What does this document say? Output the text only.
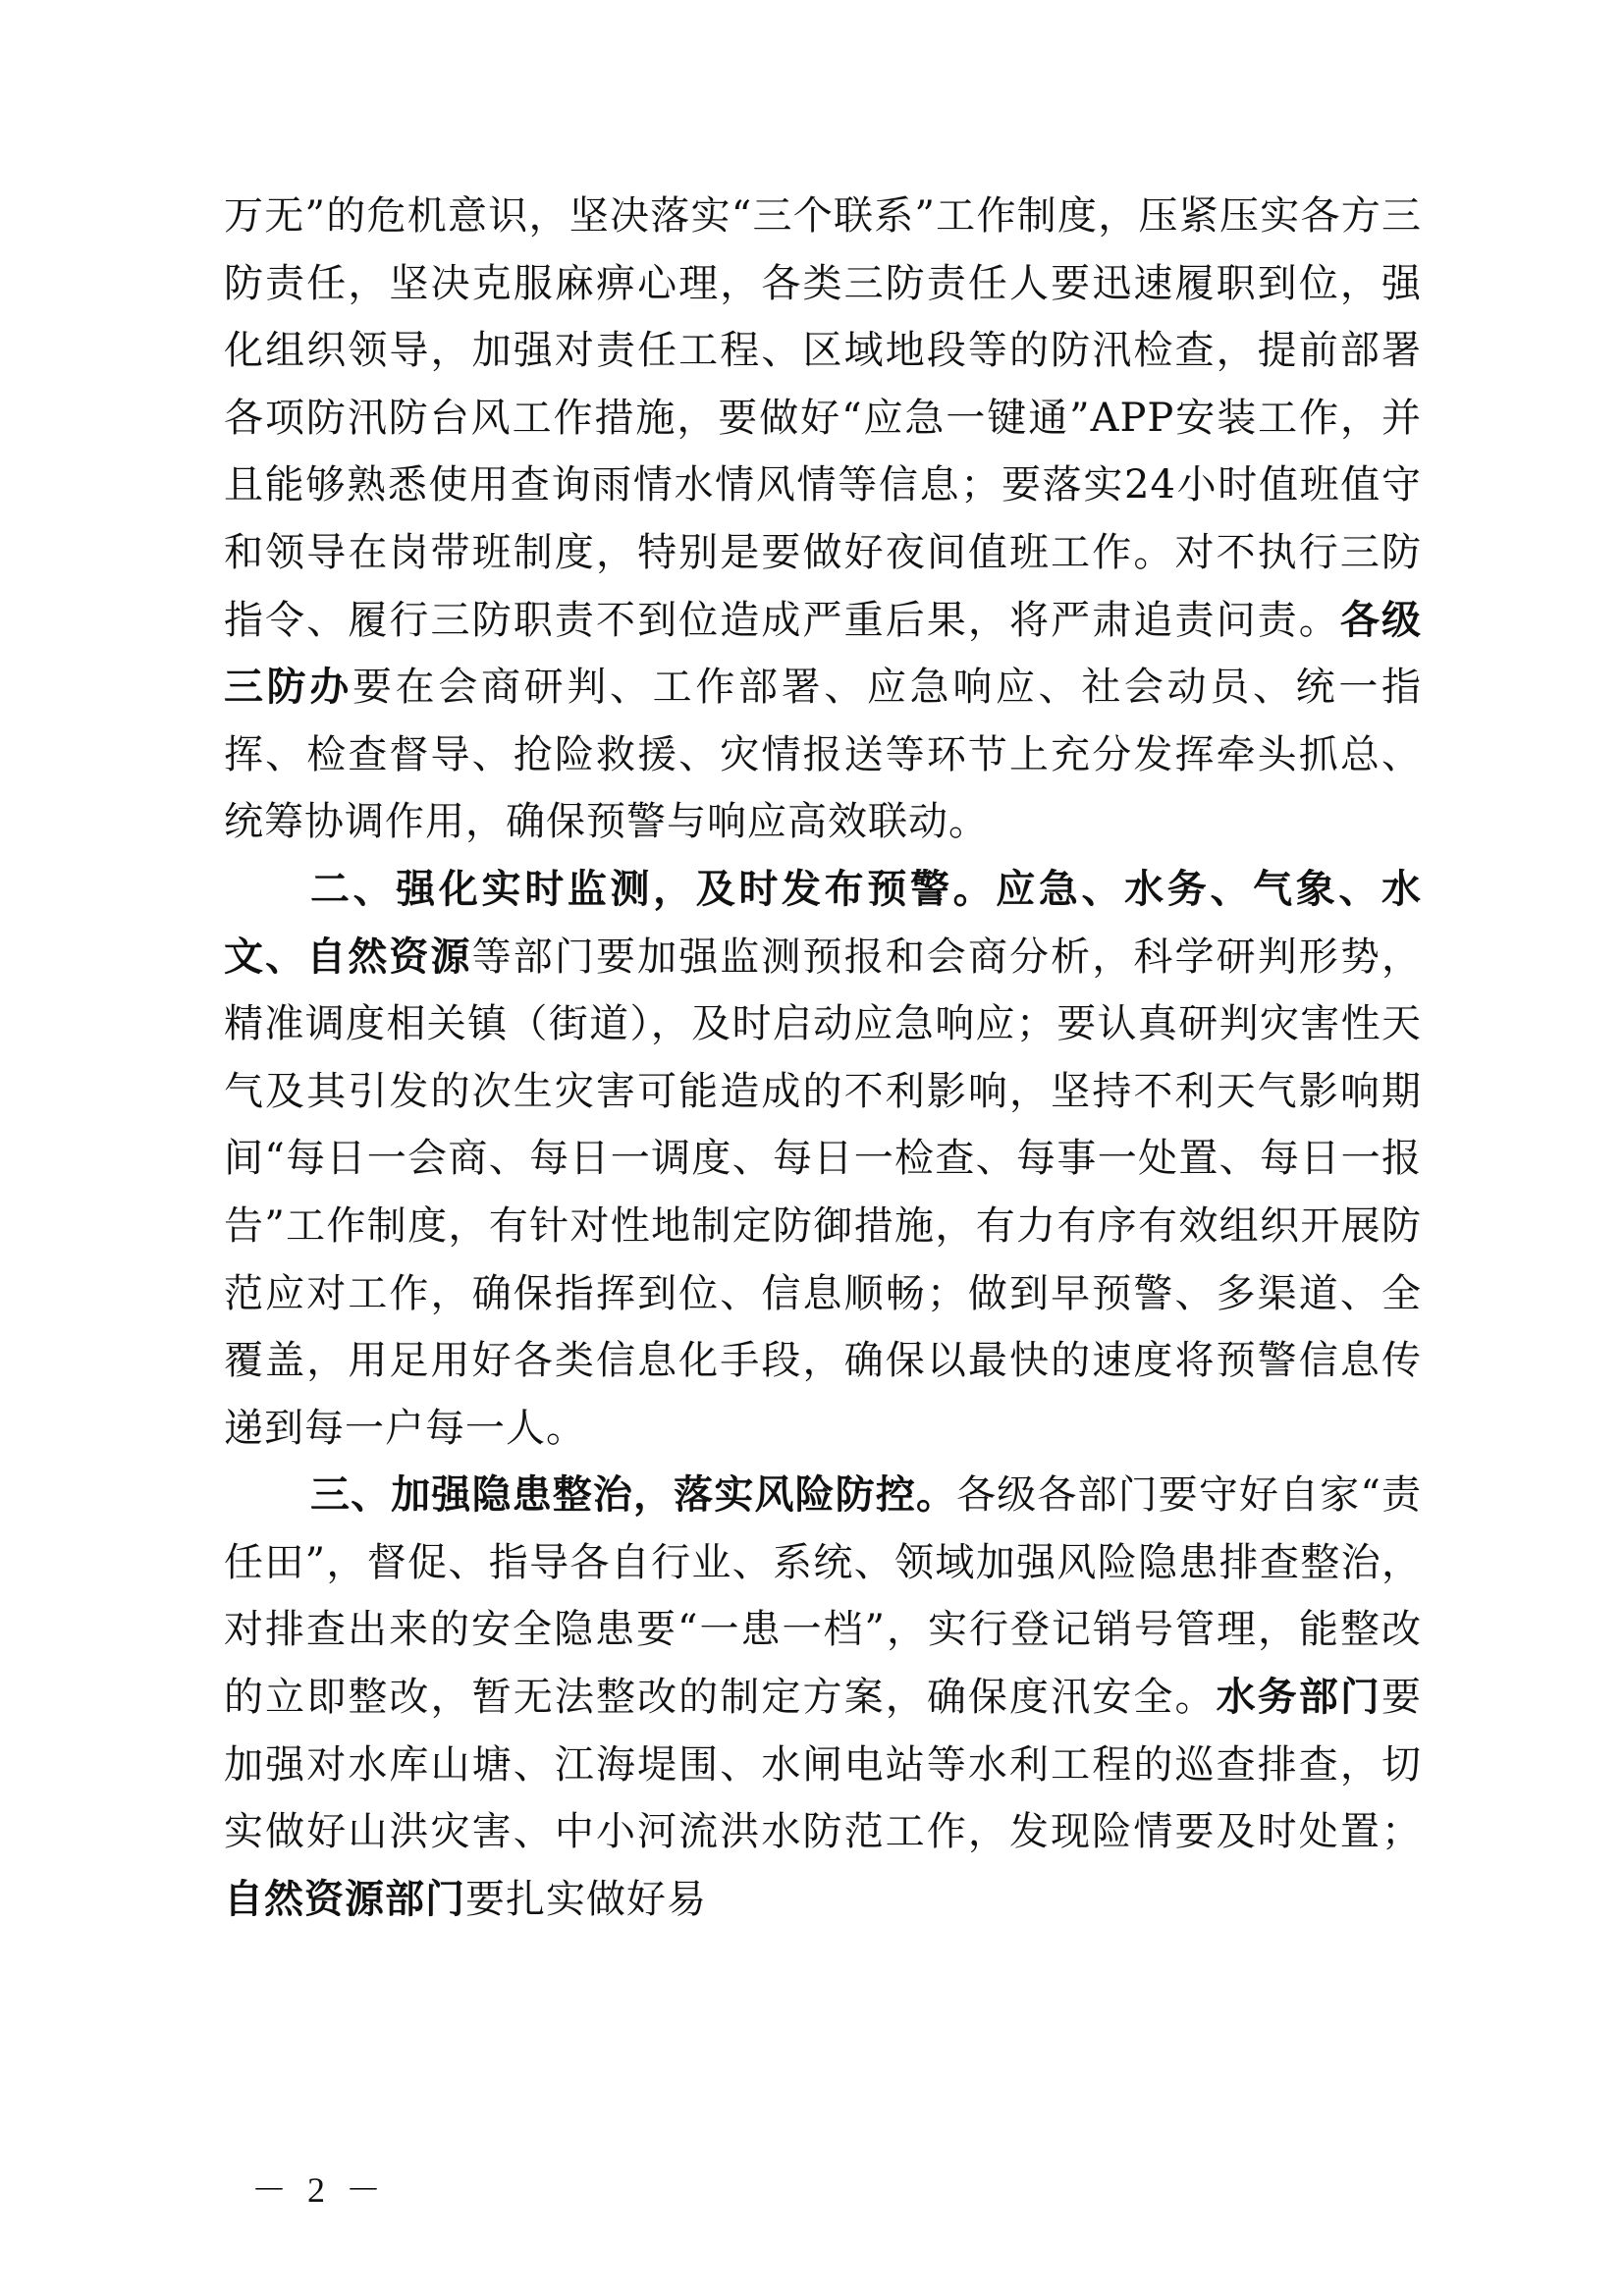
万无”的危机意识，坚决落实“三个联系”工作制度，压紧压实各方三防责任，坚决克服麻痹心理，各类三防责任人要迅速履职到位，强化组织领导，加强对责任工程、区域地段等的防汛检查，提前部署各项防汛防台风工作措施，要做好“应急一键通”APP安装工作，并且能够熟悉使用查询雨情水情风情等信息；要落实24小时值班值守和领导在岗带班制度，特别是要做好夜间值班工作。对不执行三防指令、履行三防职责不到位造成严重后果，将严肃追责问责。各级三防办要在会商研判、工作部署、应急响应、社会动员、统一指挥、检查督导、抢险救援、灾情报送等环节上充分发挥牵头抓总、统筹协调作用，确保预警与响应高效联动。

二、强化实时监测，及时发布预警。应急、水务、气象、水文、自然资源等部门要加强监测预报和会商分析，科学研判形势，精准调度相关镇（街道），及时启动应急响应；要认真研判灾害性天气及其引发的次生灾害可能造成的不利影响，坚持不利天气影响期间“每日一会商、每日一调度、每日一检查、每事一处置、每日一报告”工作制度，有针对性地制定防御措施，有力有序有效组织开展防范应对工作，确保指挥到位、信息顺畅；做到早预警、多渠道、全覆盖，用足用好各类信息化手段，确保以最快的速度将预警信息传递到每一户每一人。

三、加强隐患整治，落实风险防控。各级各部门要守好自家“责任田”，督促、指导各自行业、系统、领域加强风险隐患排查整治，对排查出来的安全隐患要“一患一档”，实行登记销号管理，能整改的立即整改，暂无法整改的制定方案，确保度汛安全。水务部门要加强对水库山塘、江海堤围、水闸电站等水利工程的巡查排查，切实做好山洪灾害、中小河流洪水防范工作，发现险情要及时处置；自然资源部门要扎实做好易

－ 2 －
